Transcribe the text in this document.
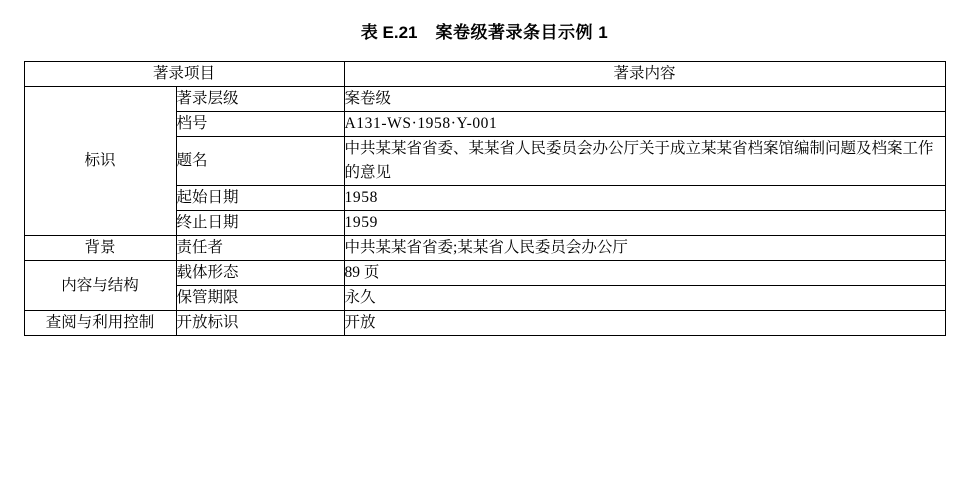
表 E.21 案卷级著录条目示例 1
著录项目		著录内容
标识	著录层级	案卷级
	档号	A131-WS·1958·Y-001
	题名	中共某某省省委、某某省人民委员会办公厅关于成立某某省档案馆编制问题及档案工作的意见
	起始日期	1958
	终止日期	1959
背景	责任者	中共某某省省委;某某省人民委员会办公厅
内容与结构	载体形态	89 页
	保管期限	永久
查阅与利用控制	开放标识	开放
